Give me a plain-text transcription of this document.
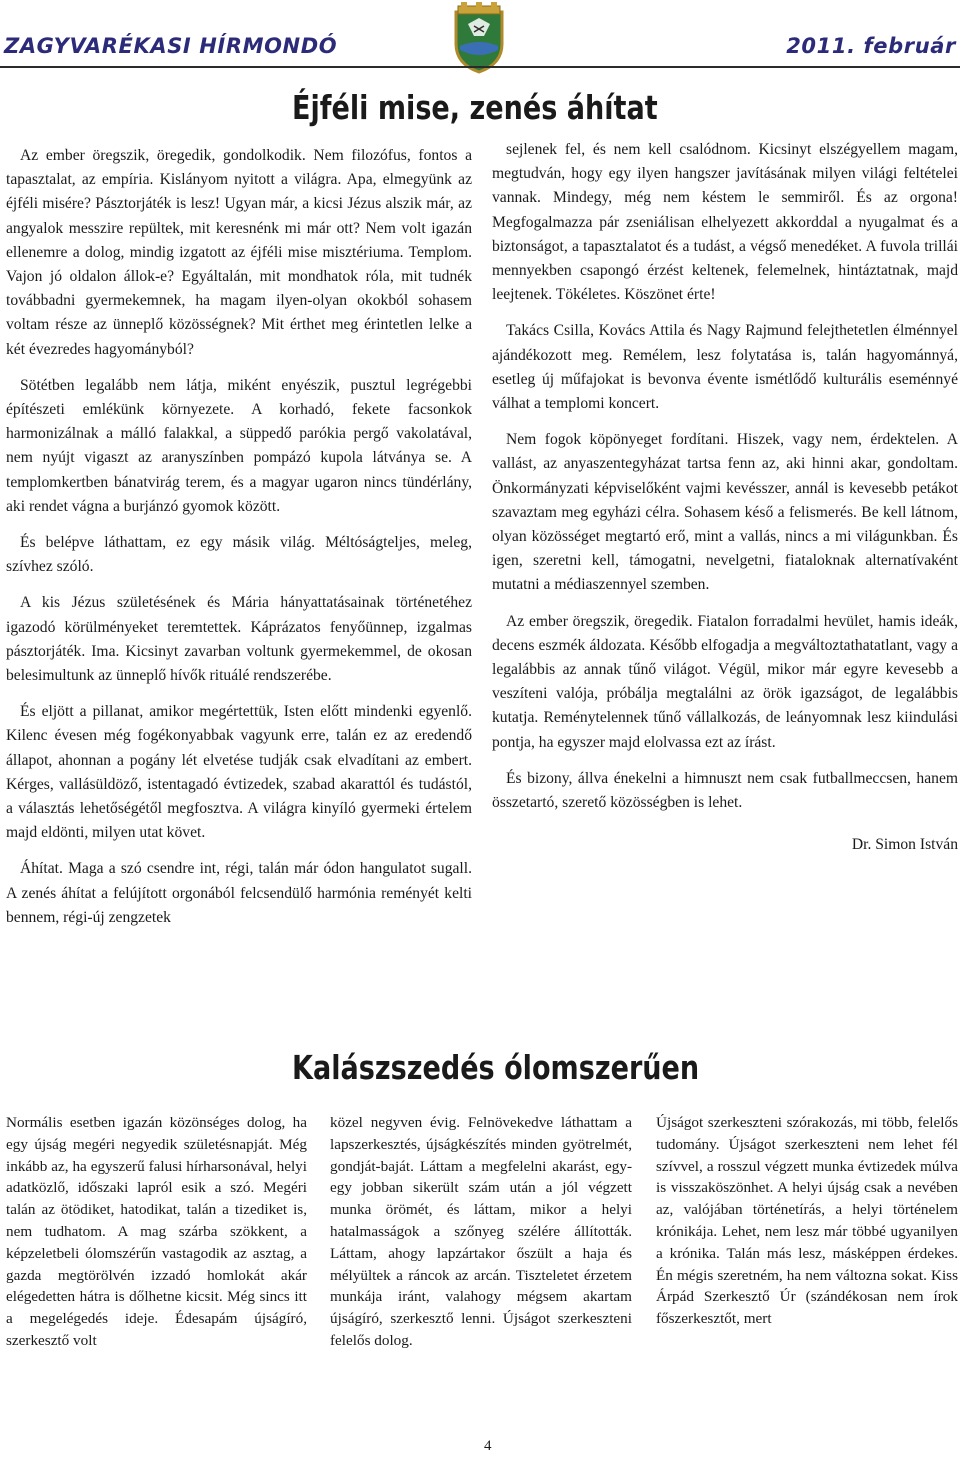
ZAGYVARÉKASI HÍRMONDÓ	2011. február
Éjféli mise, zenés áhítat

Az ember öregszik, öregedik, gondolkodik. Nem filozófus, fontos a tapasztalat, az empíria. Kislányom nyitott a világra. Apa, elmegyünk az éjféli misére? Pásztorjáték is lesz! Ugyan már, a kicsi Jézus alszik már, az angyalok messzire repültek, mit keresnénk mi már ott? Nem volt igazán ellenemre a dolog, mindig izgatott az éjféli mise misztériuma. Templom. Vajon jó oldalon állok-e? Egyáltalán, mit mondhatok róla, mit tudnék továbbadni gyermekemnek, ha magam ilyen-olyan okokból sohasem voltam része az ünneplő közösségnek? Mit érthet meg érintetlen lelke a két évezredes hagyományból?

Sötétben legalább nem látja, miként enyészik, pusztul legrégebbi építészeti emlékünk környezete. A korhadó, fekete facsonkok harmonizálnak a málló falakkal, a süppedő parókia pergő vakolatával, nem nyújt vigaszt az aranyszínben pompázó kupola látványa se. A templomkertben bánatvirág terem, és a magyar ugaron nincs tündérlány, aki rendet vágna a burjánzó gyomok között.

És belépve láthattam, ez egy másik világ. Méltóságteljes, meleg, szívhez szóló.

A kis Jézus születésének és Mária hányattatásainak történetéhez igazodó körülményeket teremtettek. Káprázatos fenyőünnep, izgalmas pásztorjáték. Ima. Kicsinyt zavarban voltunk gyermekemmel, de okosan belesimultunk az ünneplő hívők rituálé rendszerébe.

És eljött a pillanat, amikor megértettük, Isten előtt mindenki egyenlő. Kilenc évesen még fogékonyabbak vagyunk erre, talán ez az eredendő állapot, ahonnan a pogány lét elvetése tudják csak elvadítani az embert. Kérges, vallásüldöző, istentagadó évtizedek, szabad akarattól és tudástól, a választás lehetőségétől megfosztva. A világra kinyíló gyermeki értelem majd eldönti, milyen utat követ.

Áhítat. Maga a szó csendre int, régi, talán már ódon hangulatot sugall. A zenés áhítat a felújított orgonából felcsendülő harmónia reményét kelti bennem, régi-új zengzetek

sejlenek fel, és nem kell csalódnom. Kicsinyt elszégyellem magam, megtudván, hogy egy ilyen hangszer javításának milyen világi feltételei vannak. Mindegy, még nem késtem le semmiről. És az orgona! Megfogalmazza pár zseniálisan elhelyezett akkorddal a nyugalmat és a biztonságot, a tapasztalatot és a tudást, a végső menedéket. A fuvola trillái mennyekben csapongó érzést keltenek, felemelnek, hintáztatnak, majd leejtenek. Tökéletes. Köszönet érte!

Takács Csilla, Kovács Attila és Nagy Rajmund felejthetetlen élménnyel ajándékozott meg. Remélem, lesz folytatása is, talán hagyománnyá, esetleg új műfajokat is bevonva évente ismétlődő kulturális eseménnyé válhat a templomi koncert.

Nem fogok köpönyeget fordítani. Hiszek, vagy nem, érdektelen. A vallást, az anyaszentegyházat tartsa fenn az, aki hinni akar, gondoltam. Önkormányzati képviselőként vajmi kevésszer, annál is kevesebb petákot szavaztam meg egyházi célra. Sohasem késő a felismerés. Be kell látnom, olyan közösséget megtartó erő, mint a vallás, nincs a mi világunkban. És igen, szeretni kell, támogatni, nevelgetni, fiataloknak alternatívaként mutatni a médiaszennyel szemben.

Az ember öregszik, öregedik. Fiatalon forradalmi hevület, hamis ideák, decens eszmék áldozata. Később elfogadja a megváltoztathatatlant, vagy a legalábbis az annak tűnő világot. Végül, mikor már egyre kevesebb a veszíteni valója, próbálja megtalálni az örök igazságot, de legalábbis kutatja. Reménytelennek tűnő vállalkozás, de leányomnak lesz kiindulási pontja, ha egyszer majd elolvassa ezt az írást.

És bizony, állva énekelni a himnuszt nem csak futballmeccsen, hanem összetartó, szerető közösségben is lehet.

Dr. Simon István

Kalászszedés ólomszerűen

Normális esetben igazán közönséges dolog, ha egy újság megéri negyedik születésnapját. Még inkább az, ha egyszerű falusi hírharsonával, helyi adatközlő, időszaki lapról esik a szó. Megéri talán az ötödiket, hatodikat, talán a tizediket is, nem tudhatom. A mag szárba szökkent, a képzeletbeli ólomszérűn vastagodik az asztag, a gazda megtörölvén izzadó homlokát akár elégedetten hátra is dőlhetne kicsit. Még sincs itt a megelégedés ideje. Édesapám újságíró, szerkesztő volt

közel negyven évig. Felnövekedve láthattam a lapszerkesztés, újságkészítés minden gyötrelmét, gondját-baját. Láttam a megfelelni akarást, egy-egy jobban sikerült szám után a jól végzett munka örömét, és láttam, mikor a helyi hatalmasságok a szőnyeg szélére állították. Láttam, ahogy lapzártakor őszült a haja és mélyültek a ráncok az arcán. Tiszteletet érzetem munkája iránt, valahogy mégsem akartam újságíró, szerkesztő lenni. Újságot szerkeszteni felelős dolog.

Újságot szerkeszteni szórakozás, mi több, felelős tudomány. Újságot szerkeszteni nem lehet fél szívvel, a rosszul végzett munka évtizedek múlva is visszaköszönhet. A helyi újság csak a nevében az, valójában történetírás, a helyi történelem krónikája. Lehet, nem lesz már többé ugyanilyen a krónika. Talán más lesz, másképpen érdekes. Én mégis szeretném, ha nem változna sokat. Kiss Árpád Szerkesztő Úr (szándékosan nem írok főszerkesztőt, mert

4
